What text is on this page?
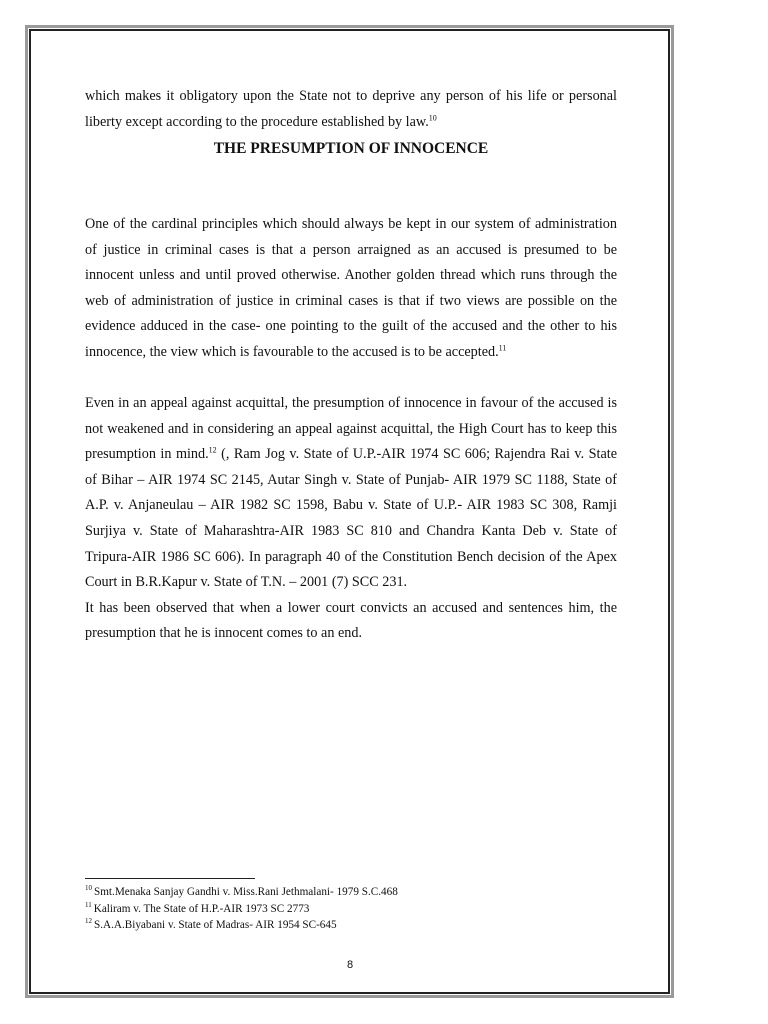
which makes it obligatory upon the State not to deprive any person of his life or personal liberty except according to the procedure established by law.$^{10}$

THE PRESUMPTION OF INNOCENCE

One of the cardinal principles which should always be kept in our system of administration of justice in criminal cases is that a person arraigned as an accused is presumed to be innocent unless and until proved otherwise. Another golden thread which runs through the web of administration of justice in criminal cases is that if two views are possible on the evidence adduced in the case- one pointing to the guilt of the accused and the other to his innocence, the view which is favourable to the accused is to be accepted.$^{11}$

Even in an appeal against acquittal, the presumption of innocence in favour of the accused is not weakened and in considering an appeal against acquittal, the High Court has to keep this presumption in mind.$^{12}$ (, Ram Jog v. State of U.P.-AIR 1974 SC 606; Rajendra Rai v. State of Bihar – AIR 1974 SC 2145, Autar Singh v. State of Punjab- AIR 1979 SC 1188, State of A.P. v. Anjaneulau – AIR 1982 SC 1598, Babu v. State of U.P.- AIR 1983 SC 308, Ramji Surjiya v. State of Maharashtra-AIR 1983 SC 810 and Chandra Kanta Deb v. State of Tripura-AIR 1986 SC 606). In paragraph 40 of the Constitution Bench decision of the Apex Court in B.R.Kapur v. State of T.N. – 2001 (7) SCC 231.

It has been observed that when a lower court convicts an accused and sentences him, the presumption that he is innocent comes to an end.

$^{10}$ Smt.Menaka Sanjay Gandhi v. Miss.Rani Jethmalani- 1979 S.C.468

$^{11}$ Kaliram v. The State of H.P.-AIR 1973 SC 2773

$^{12}$ S.A.A.Biyabani v. State of Madras- AIR 1954 SC-645

8
